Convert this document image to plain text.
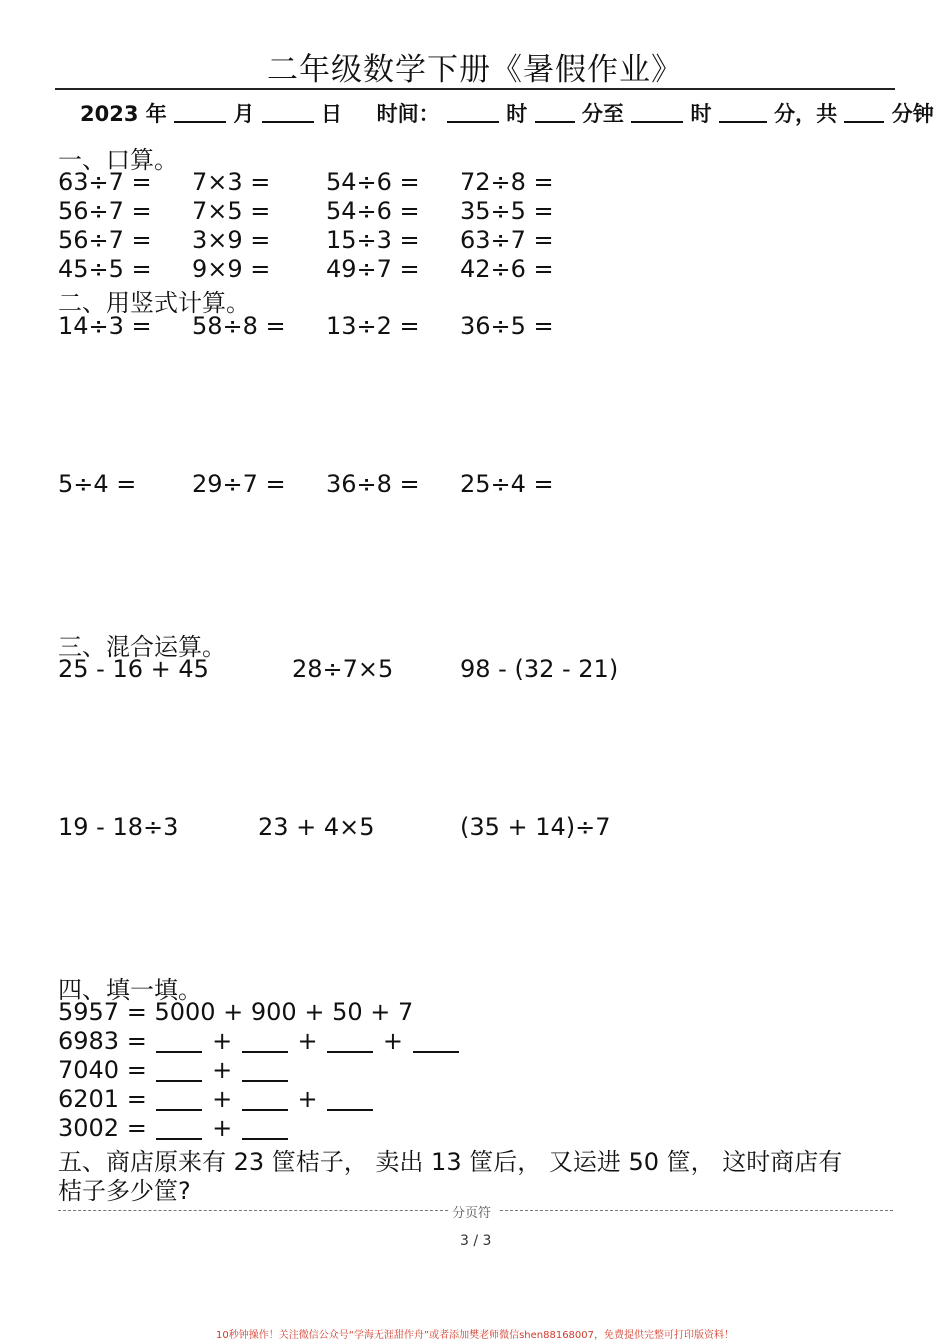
二年级数学下册《暑假作业》
2023 年	月	日 时间：	时	分至	时	分，共	分钟
一、口算。
63÷7 = 7×3 = 54÷6 = 72÷8 =
56÷7 = 7×5 = 54÷6 = 35÷5 =
56÷7 = 3×9 = 15÷3 = 63÷7 =
45÷5 = 9×9 = 49÷7 = 42÷6 =
二、用竖式计算。
14÷3 = 58÷8 = 13÷2 = 36÷5 =
5÷4 = 29÷7 = 36÷8 = 25÷4 =
三、混合运算。
25 - 16 + 45	28÷7×5	98 - (32 - 21)
19 - 18÷3	23 + 4×5	(35 + 14)÷7
四、填一填。
5957 = 5000 + 900 + 50 + 7
6983 =	+	+	+
7040 =	+
6201 =	+	+
3002 =	+
五、商店原来有 23 筐桔子， 卖出 13 筐后， 又运进 50 筐， 这时商店有
桔子多少筐?
分页符
3 / 3
10秒钟操作！关注微信公众号“学海无涯甜作舟”或者添加樊老师微信shen88168007，免费提供完整可打印版资料！
